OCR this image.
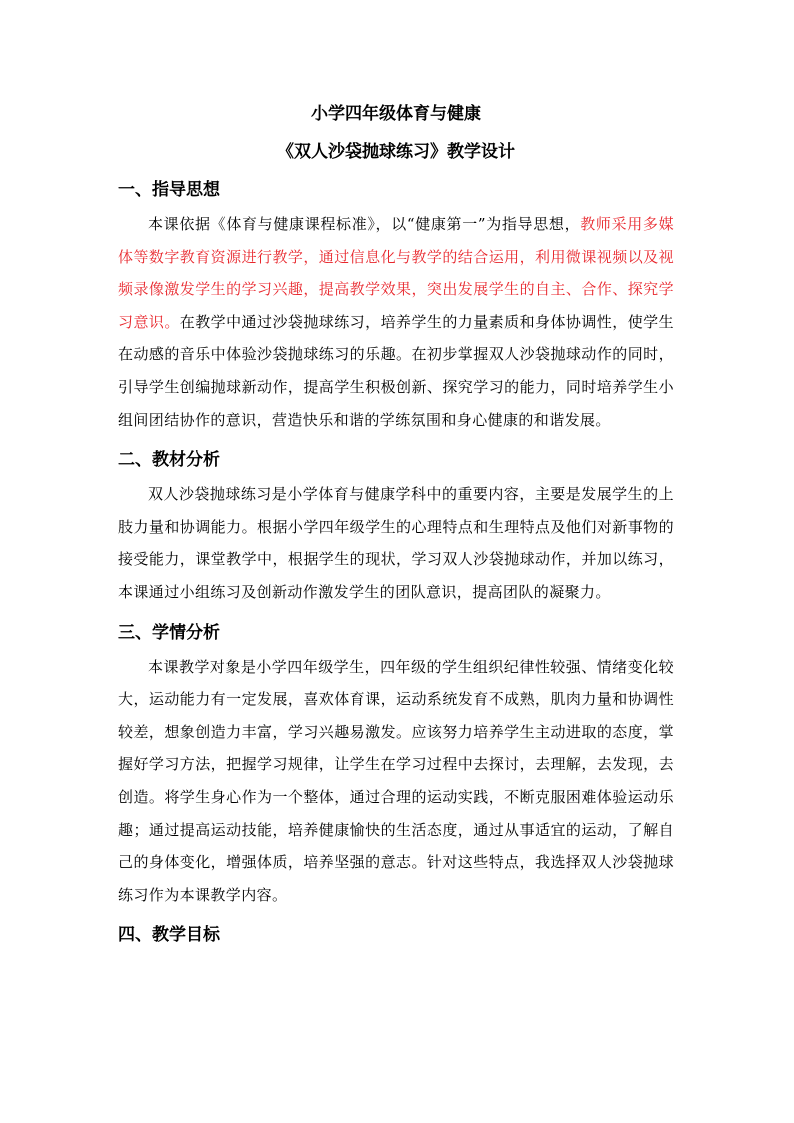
小学四年级体育与健康
《双人沙袋抛球练习》教学设计
一、指导思想

本课依据《体育与健康课程标准》，以“健康第一”为指导思想，教师采用多媒体等数字教育资源进行教学，通过信息化与教学的结合运用，利用微课视频以及视频录像激发学生的学习兴趣，提高教学效果，突出发展学生的自主、合作、探究学习意识。在教学中通过沙袋抛球练习，培养学生的力量素质和身体协调性，使学生在动感的音乐中体验沙袋抛球练习的乐趣。在初步掌握双人沙袋抛球动作的同时，引导学生创编抛球新动作，提高学生积极创新、探究学习的能力，同时培养学生小组间团结协作的意识，营造快乐和谐的学练氛围和身心健康的和谐发展。

二、教材分析

双人沙袋抛球练习是小学体育与健康学科中的重要内容，主要是发展学生的上肢力量和协调能力。根据小学四年级学生的心理特点和生理特点及他们对新事物的接受能力，课堂教学中，根据学生的现状，学习双人沙袋抛球动作，并加以练习，本课通过小组练习及创新动作激发学生的团队意识，提高团队的凝聚力。

三、学情分析

本课教学对象是小学四年级学生，四年级的学生组织纪律性较强、情绪变化较大，运动能力有一定发展，喜欢体育课，运动系统发育不成熟，肌肉力量和协调性较差，想象创造力丰富，学习兴趣易激发。应该努力培养学生主动进取的态度，掌握好学习方法，把握学习规律，让学生在学习过程中去探讨，去理解，去发现，去创造。将学生身心作为一个整体，通过合理的运动实践，不断克服困难体验运动乐趣；通过提高运动技能，培养健康愉快的生活态度，通过从事适宜的运动，了解自己的身体变化，增强体质，培养坚强的意志。针对这些特点，我选择双人沙袋抛球练习作为本课教学内容。

四、教学目标
